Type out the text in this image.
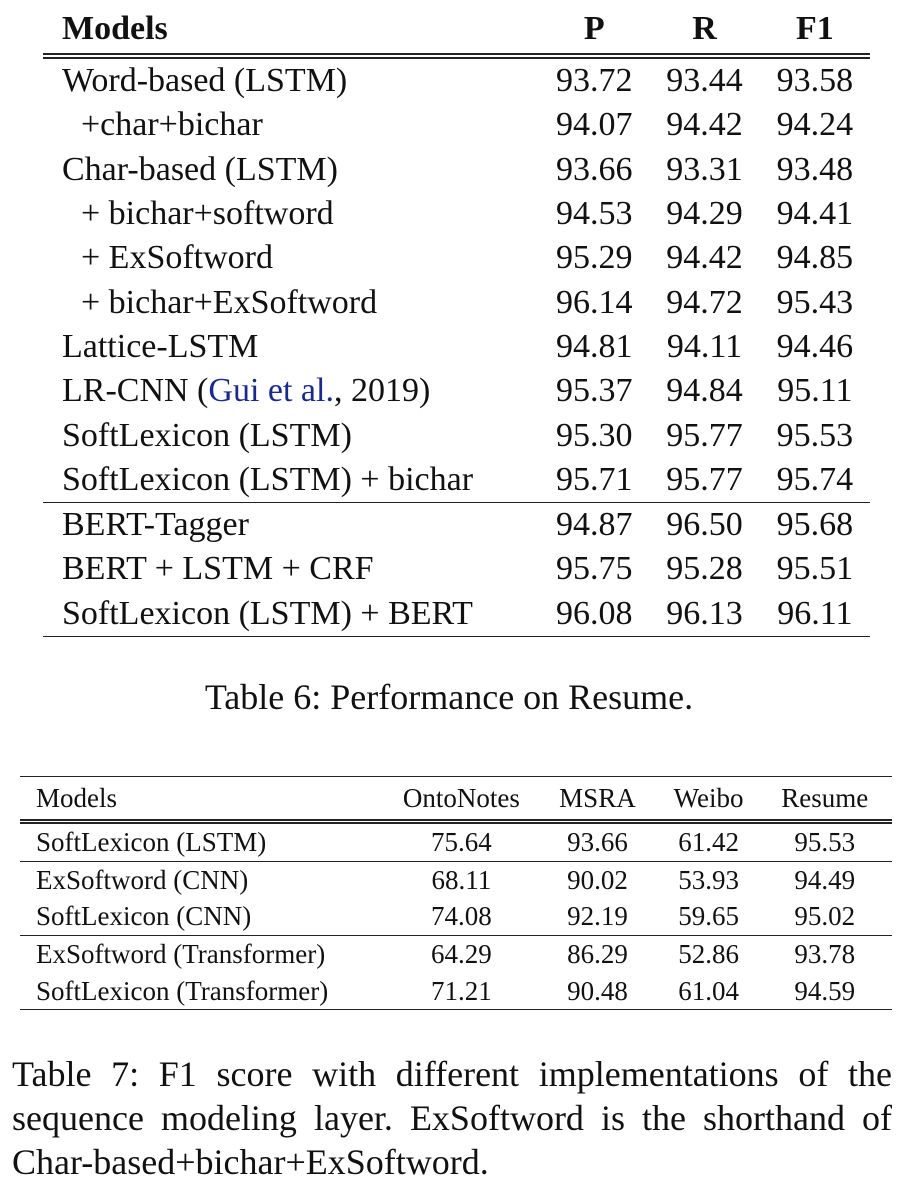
Models	P	R	F1
Word-based (LSTM)	93.72	93.44	93.58
+char+bichar	94.07	94.42	94.24
Char-based (LSTM)	93.66	93.31	93.48
+ bichar+softword	94.53	94.29	94.41
+ ExSoftword	95.29	94.42	94.85
+ bichar+ExSoftword	96.14	94.72	95.43
Lattice-LSTM	94.81	94.11	94.46
LR-CNN (Gui et al., 2019)	95.37	94.84	95.11
SoftLexicon (LSTM)	95.30	95.77	95.53
SoftLexicon (LSTM) + bichar	95.71	95.77	95.74
BERT-Tagger	94.87	96.50	95.68
BERT + LSTM + CRF	95.75	95.28	95.51
SoftLexicon (LSTM) + BERT	96.08	96.13	96.11
Table 6: Performance on Resume.
Models	OntoNotes	MSRA	Weibo	Resume
SoftLexicon (LSTM)	75.64	93.66	61.42	95.53
ExSoftword (CNN)	68.11	90.02	53.93	94.49
SoftLexicon (CNN)	74.08	92.19	59.65	95.02
ExSoftword (Transformer)	64.29	86.29	52.86	93.78
SoftLexicon (Transformer)	71.21	90.48	61.04	94.59
Table 7: F1 score with different implementations of the sequence modeling layer. ExSoftword is the shorthand of Char-based+bichar+ExSoftword.
